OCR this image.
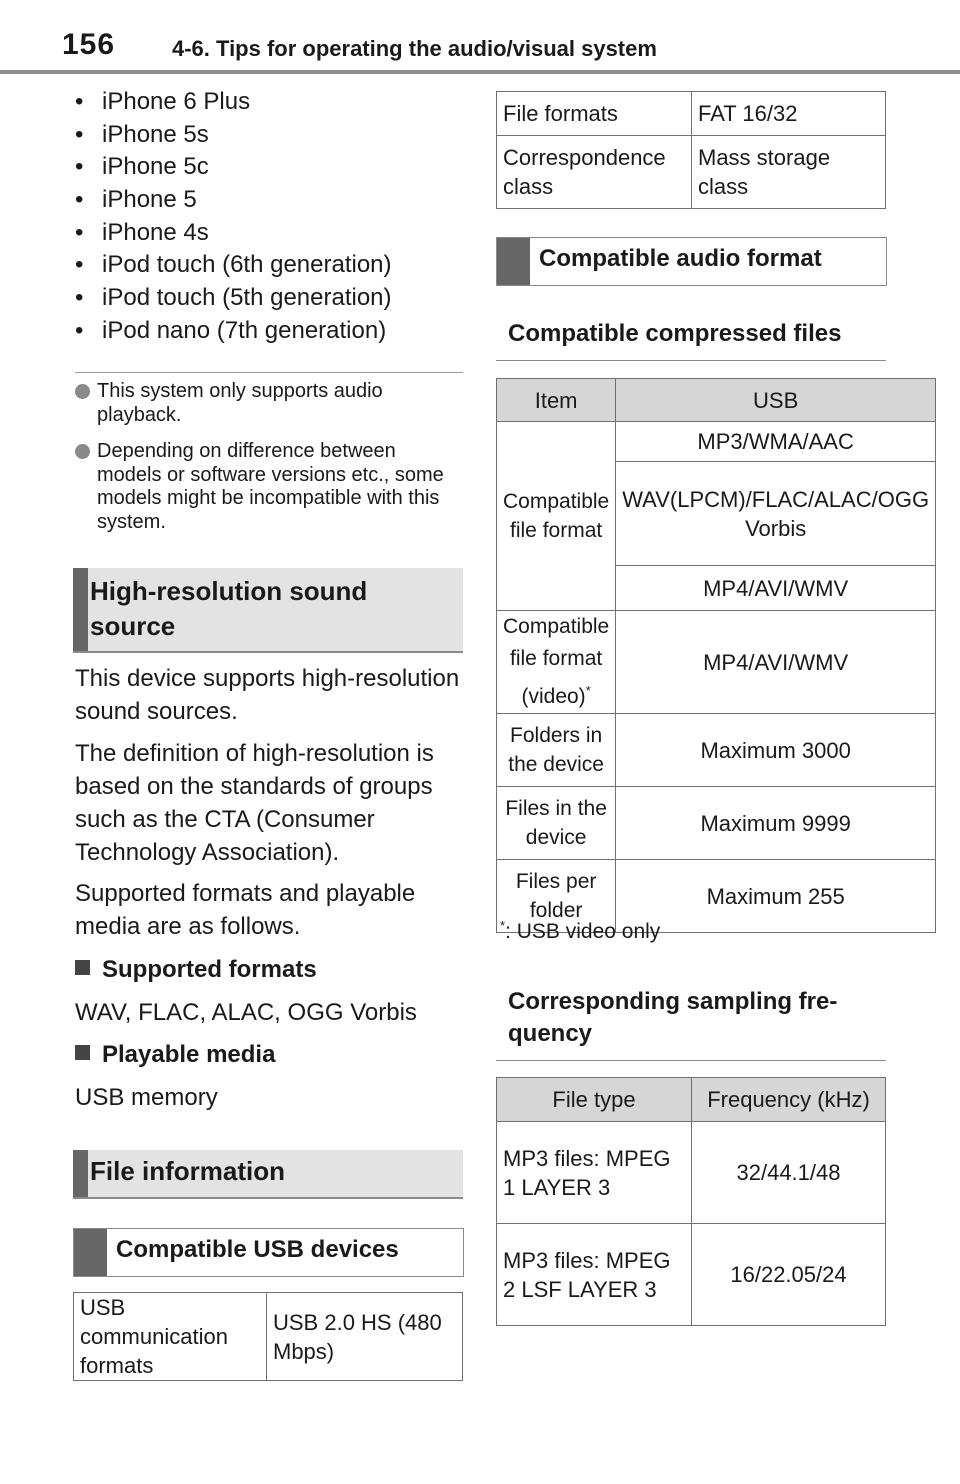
156	4-6. Tips for operating the audio/visual system
• iPhone 6 Plus
• iPhone 5s
• iPhone 5c
• iPhone 5
• iPhone 4s
• iPod touch (6th generation)
• iPod touch (5th generation)
• iPod nano (7th generation)
This system only supports audio playback.
Depending on difference between models or software versions etc., some models might be incompatible with this system.
High-resolution sound
source
This device supports high-resolution sound sources.
The definition of high-resolution is based on the standards of groups such as the CTA (Consumer Technology Association).
Supported formats and playable media are as follows.
Supported formats
WAV, FLAC, ALAC, OGG Vorbis
Playable media
USB memory
File information
Compatible USB devices
USB communication formats	USB 2.0 HS (480 Mbps)
File formats	FAT 16/32
Correspondence class	Mass storage class
Compatible audio format
Compatible compressed files
Item	USB
Compatible file format	MP3/WMA/AAC
	WAV(LPCM)/FLAC/ALAC/OGG Vorbis
	MP4/AVI/WMV
Compatible file format (video)*	MP4/AVI/WMV
Folders in the device	Maximum 3000
Files in the device	Maximum 9999
Files per folder	Maximum 255
*: USB video only
Corresponding sampling fre-
quency
File type	Frequency (kHz)
MP3 files: MPEG 1 LAYER 3	32/44.1/48
MP3 files: MPEG 2 LSF LAYER 3	16/22.05/24
